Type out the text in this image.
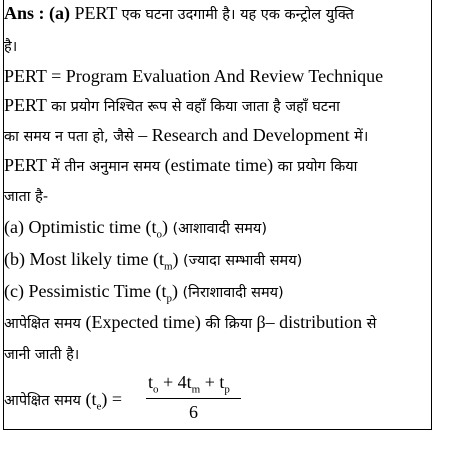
Ans : (a) PERT एक घटना उदगामी है। यह एक कन्ट्रोल युक्ति
है।
PERT = Program Evaluation And Review Technique
PERT का प्रयोग निश्चित रूप से वहाँ किया जाता है जहाँ घटना
का समय न पता हो, जैसे – Research and Development में।
PERT में तीन अनुमान समय (estimate time) का प्रयोग किया
जाता है-
(a) Optimistic time $(t_o)$ (आशावादी समय)
(b) Most likely time $(t_m)$ (ज्यादा सम्भावी समय)
(c) Pessimistic Time $(t_p)$ (निराशावादी समय)
आपेक्षित समय (Expected time) की क्रिया β– distribution से
जानी जाती है।
आपेक्षित समय $(t_e)$ =
$t_o + 4t_m + t_p$
6
